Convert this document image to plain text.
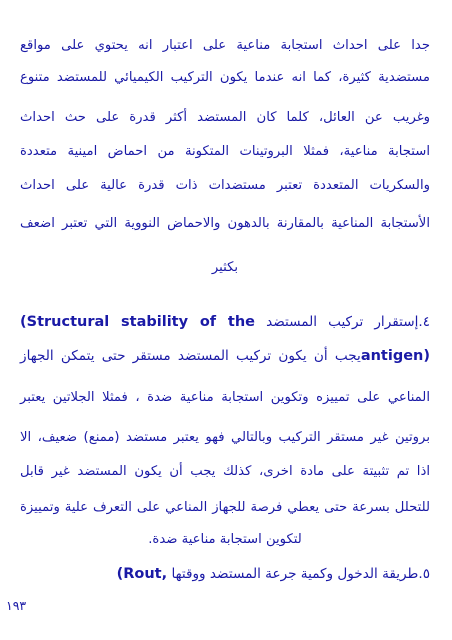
جدا على احداث استجابة مناعية على اعتبار انه يحتوي على مواقع
مستضدية كثيرة، كما انه عندما يكون التركيب الكيميائي للمستضد متنوع
وغريب عن العائل، كلما كان المستضد أكثر قدرة على حث احداث
استجابة مناعية، فمثلا البروتينات المتكونة من احماض امينية متعددة
والسكريات المتعددة تعتبر مستضدات ذات قدرة عالية على احداث
الأستجابة المناعية بالمقارنة بالدهون والاحماض النووية التي تعتبر اضعف
بكثير
٤.إستقرار تركيب المستضد (Structural stability of the
antigen)يجب أن يكون تركيب المستضد مستقر حتى يتمكن الجهاز
المناعي على تمييزه وتكوين استجابة مناعية ضدة ، فمثلا الجلاتين يعتبر
بروتين غير مستقر التركيب وبالتالي فهو يعتبر مستضد (ممنع) ضعيف، الا
اذا تم تثبيتة على مادة اخرى، كذلك يجب أن يكون المستضد غير قابل
للتحلل بسرعة حتى يعطي فرصة للجهاز المناعي على التعرف علية وتمييزة
لتكوين استجابة مناعية ضدة.
٥.طريقة الدخول وكمية جرعة المستضد ووقتها (Rout,
١٩٣
